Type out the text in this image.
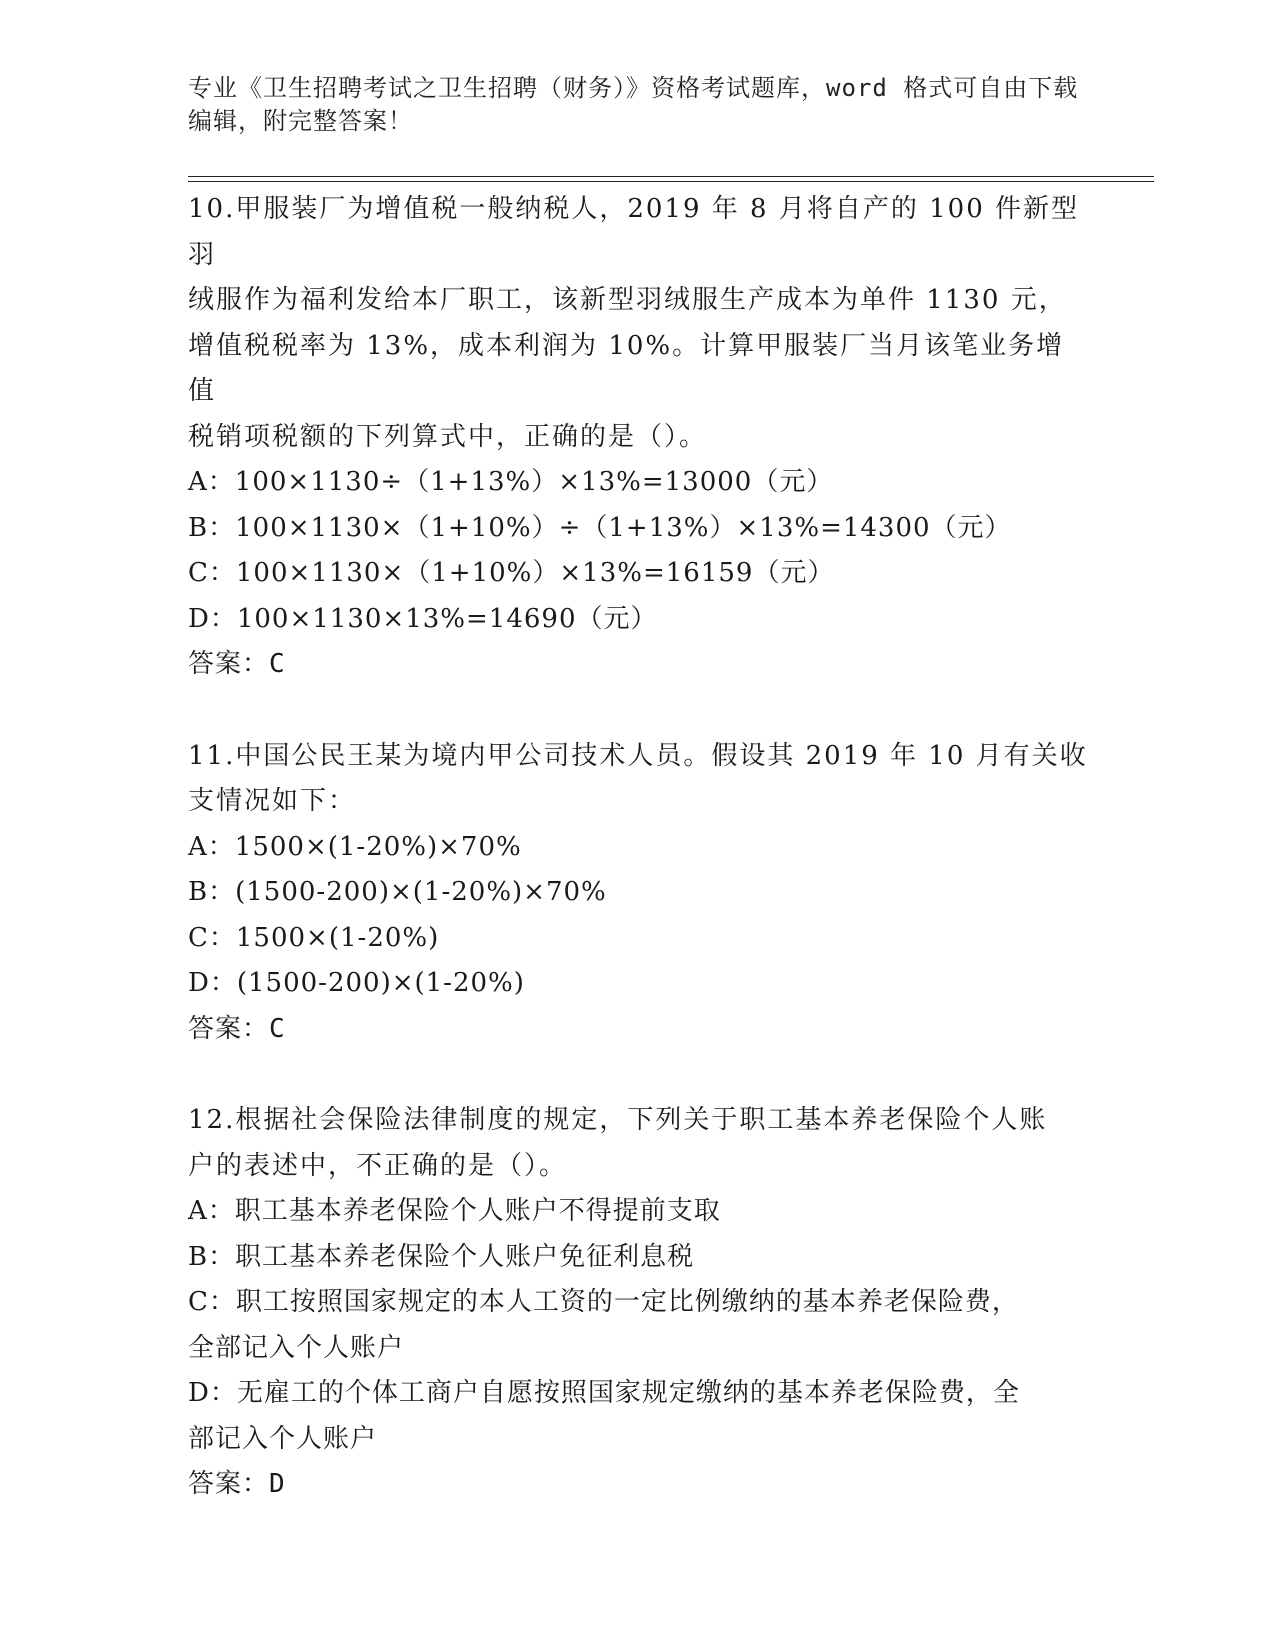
专业《卫生招聘考试之卫生招聘（财务）》资格考试题库，word 格式可自由下载
编辑，附完整答案！
10.甲服装厂为增值税一般纳税人，2019 年 8 月将自产的 100 件新型羽
绒服作为福利发给本厂职工，该新型羽绒服生产成本为单件 1130 元，
增值税税率为 13%，成本利润为 10%。计算甲服装厂当月该笔业务增值
税销项税额的下列算式中，正确的是（）。
A：100×1130÷（1+13%）×13%=13000（元）
B：100×1130×（1+10%）÷（1+13%）×13%=14300（元）
C：100×1130×（1+10%）×13%=16159（元）
D：100×1130×13%=14690（元）
答案：C
11.中国公民王某为境内甲公司技术人员。假设其 2019 年 10 月有关收
支情况如下：
A：1500×(1-20%)×70%
B：(1500-200)×(1-20%)×70%
C：1500×(1-20%)
D：(1500-200)×(1-20%)
答案：C
12.根据社会保险法律制度的规定，下列关于职工基本养老保险个人账
户的表述中，不正确的是（）。
A：职工基本养老保险个人账户不得提前支取
B：职工基本养老保险个人账户免征利息税
C：职工按照国家规定的本人工资的一定比例缴纳的基本养老保险费，
全部记入个人账户
D：无雇工的个体工商户自愿按照国家规定缴纳的基本养老保险费，全
部记入个人账户
答案：D
